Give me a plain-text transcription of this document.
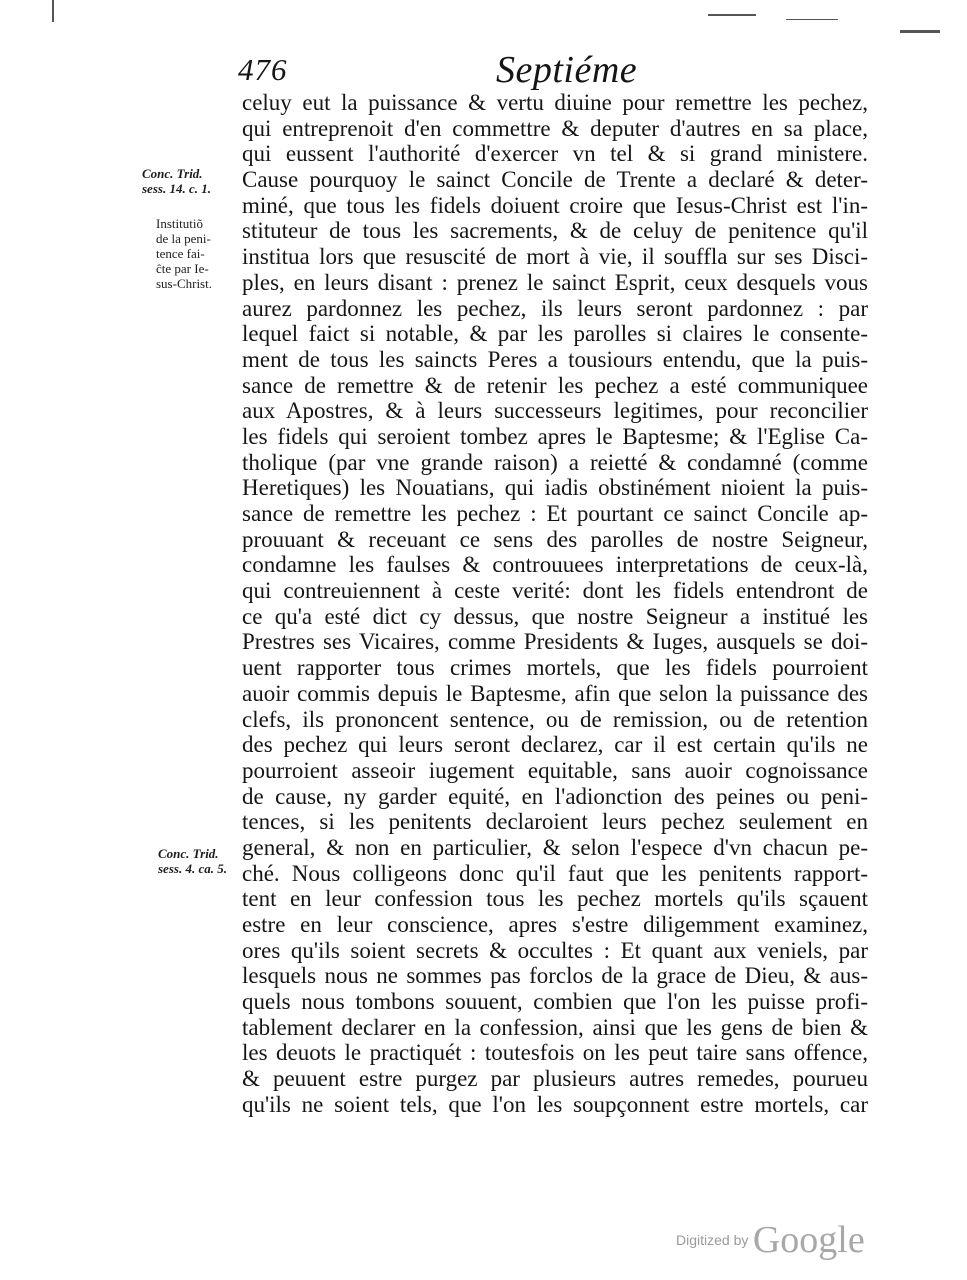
476	Septiéme
Conc. Trid.
sess. 14. c. 1.
Institutiõ
de la peni-
tence fai-
ĉte par Ie-
sus-Christ.
Conc. Trid.
sess. 4. ca. 5.
celuy eut la puissance & vertu diuine pour remettre les pechez,
qui entreprenoit d'en commettre & deputer d'autres en sa place,
qui eussent l'authorité d'exercer vn tel & si grand ministere.
Cause pourquoy le sainct Concile de Trente a declaré & deter-
miné, que tous les fidels doiuent croire que Iesus-Christ est l'in-
stituteur de tous les sacrements, & de celuy de penitence qu'il
institua lors que resuscité de mort à vie, il souffla sur ses Disci-
ples, en leurs disant : prenez le sainct Esprit, ceux desquels vous
aurez pardonnez les pechez, ils leurs seront pardonnez : par
lequel faict si notable, & par les parolles si claires le consente-
ment de tous les saincts Peres a tousiours entendu, que la puis-
sance de remettre & de retenir les pechez a esté communiquee
aux Apostres, & à leurs successeurs legitimes, pour reconcilier
les fidels qui seroient tombez apres le Baptesme; & l'Eglise Ca-
tholique (par vne grande raison) a reietté & condamné (comme
Heretiques) les Nouatians, qui iadis obstinément nioient la puis-
sance de remettre les pechez : Et pourtant ce sainct Concile ap-
prouuant & receuant ce sens des parolles de nostre Seigneur,
condamne les faulses & controuuees interpretations de ceux-là,
qui contreuiennent à ceste verité: dont les fidels entendront de
ce qu'a esté dict cy dessus, que nostre Seigneur a institué les
Prestres ses Vicaires, comme Presidents & Iuges, ausquels se doi-
uent rapporter tous crimes mortels, que les fidels pourroient
auoir commis depuis le Baptesme, afin que selon la puissance des
clefs, ils prononcent sentence, ou de remission, ou de retention
des pechez qui leurs seront declarez, car il est certain qu'ils ne
pourroient asseoir iugement equitable, sans auoir cognoissance
de cause, ny garder equité, en l'adionction des peines ou peni-
tences, si les penitents declaroient leurs pechez seulement en
general, & non en particulier, & selon l'espece d'vn chacun pe-
ché. Nous colligeons donc qu'il faut que les penitents rapport-
tent en leur confession tous les pechez mortels qu'ils sçauent
estre en leur conscience, apres s'estre diligemment examinez,
ores qu'ils soient secrets & occultes : Et quant aux veniels, par
lesquels nous ne sommes pas forclos de la grace de Dieu, & aus-
quels nous tombons souuent, combien que l'on les puisse profi-
tablement declarer en la confession, ainsi que les gens de bien &
les deuots le practiquét : toutesfois on les peut taire sans offence,
& peuuent estre purgez par plusieurs autres remedes, pourueu
qu'ils ne soient tels, que l'on les soupçonnent estre mortels, car
Digitized by Google
